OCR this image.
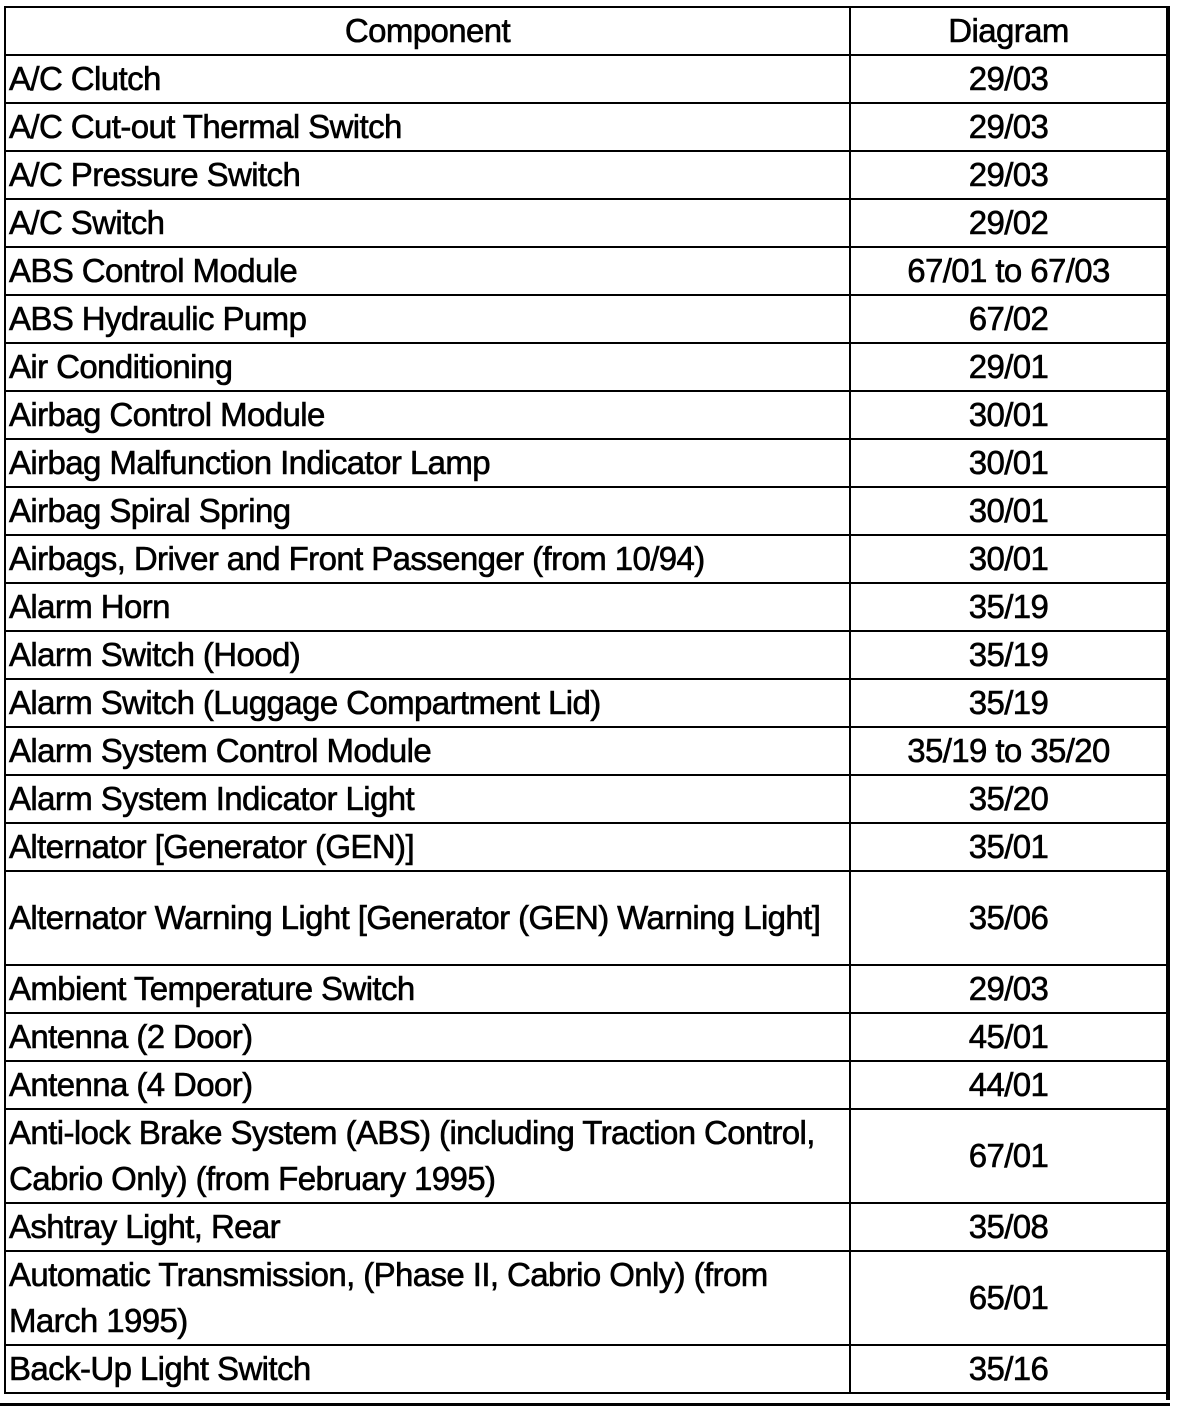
Component	Diagram
A/C Clutch	29/03
A/C Cut-out Thermal Switch	29/03
A/C Pressure Switch	29/03
A/C Switch	29/02
ABS Control Module	67/01 to 67/03
ABS Hydraulic Pump	67/02
Air Conditioning	29/01
Airbag Control Module	30/01
Airbag Malfunction Indicator Lamp	30/01
Airbag Spiral Spring	30/01
Airbags, Driver and Front Passenger (from 10/94)	30/01
Alarm Horn	35/19
Alarm Switch (Hood)	35/19
Alarm Switch (Luggage Compartment Lid)	35/19
Alarm System Control Module	35/19 to 35/20
Alarm System Indicator Light	35/20
Alternator [Generator (GEN)]	35/01
Alternator Warning Light [Generator (GEN) Warning Light]	35/06
Ambient Temperature Switch	29/03
Antenna (2 Door)	45/01
Antenna (4 Door)	44/01
Anti-lock Brake System (ABS) (including Traction Control, Cabrio Only) (from February 1995)	67/01
Ashtray Light, Rear	35/08
Automatic Transmission, (Phase II, Cabrio Only) (from March 1995)	65/01
Back-Up Light Switch	35/16
